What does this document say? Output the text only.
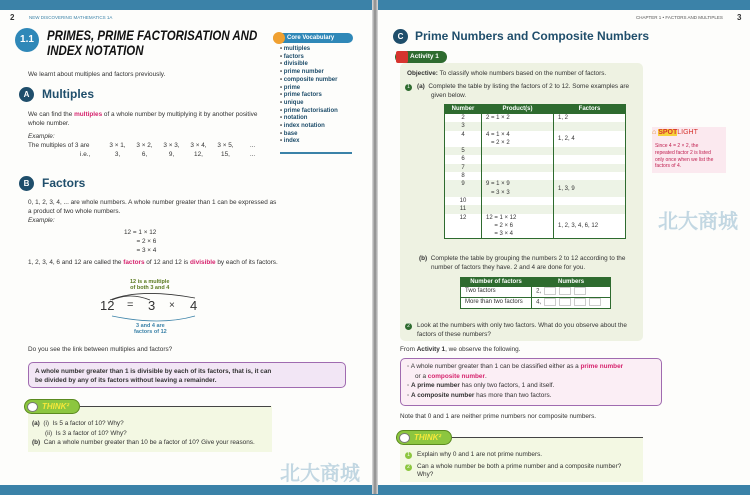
2	NEW DISCOVERING MATHEMATICS 1A
1.1 PRIMES, PRIME FACTORISATION AND
INDEX NOTATION
Core Vocabulary
• multiples
• factors
• divisible
• prime number
• composite number
• prime
• prime factors
• unique
• prime factorisation
• notation
• index notation
• base
• index
We learnt about multiples and factors previously.
A	Multiples
We can find the multiples of a whole number by multiplying it by another positive
whole number.
Example:
The multiples of 3 are
i.e.,
3 × 1, 3 × 2, 3 × 3, 3 × 4, 3 × 5,	...
3,	6,	9,	12,	15,	...
B	Factors
0, 1, 2, 3, 4, ... are whole numbers. A whole number greater than 1 can be expressed as
a product of two whole numbers.
Example:
12 = 1 × 12
= 2 × 6
= 3 × 4
1, 2, 3, 4, 6 and 12 are called the factors of 12 and 12 is divisible by each of its factors.
12 is a multiple
of both 3 and 4
12 = 3 × 4
3 and 4 are
factors of 12
Do you see the link between multiples and factors?
A whole number greater than 1 is divisible by each of its factors, that is, it can
be divided by any of its factors without leaving a remainder.
THINK²
(a) (i) Is 5 a factor of 10? Why?
(ii) Is 3 a factor of 10? Why?
(b) Can a whole number greater than 10 be a factor of 10? Give your reasons.
北大商城
CHAPTER 1 • FACTORS AND MULTIPLES 3
C Prime Numbers and Composite Numbers
Activity 1
Objective: To classify whole numbers based on the number of factors.
1 (a) Complete the table by listing the factors of 2 to 12. Some examples are
given below.
Number	Product(s)	Factors
2	2 = 1 × 2	1, 2
3		
4	4 = 1 × 4
= 2 × 2	1, 2, 4
5		
6		
7		
8		
9	9 = 1 × 9
= 3 × 3	1, 3, 9
10		
11		
12	12 = 1 × 12
= 2 × 6
= 3 × 4	1, 2, 3, 4, 6, 12
⌂ SPOTLIGHT
Since 4 = 2 × 2, the
repeated factor 2 is listed
only once when we list the
factors of 4.
(b) Complete the table by grouping the numbers 2 to 12 according to the
number of factors they have. 2 and 4 are done for you.
Number of factors	Numbers
Two factors	2,
More than two factors	4,
2 Look at the numbers with only two factors. What do you observe about the
factors of these numbers?
From Activity 1, we observe the following.
◦ A whole number greater than 1 can be classified either as a prime number
or a composite number.
◦ A prime number has only two factors, 1 and itself.
◦ A composite number has more than two factors.
Note that 0 and 1 are neither prime numbers nor composite numbers.
THINK²
1 Explain why 0 and 1 are not prime numbers.
2 Can a whole number be both a prime number and a composite number?
Why?
北大商城
